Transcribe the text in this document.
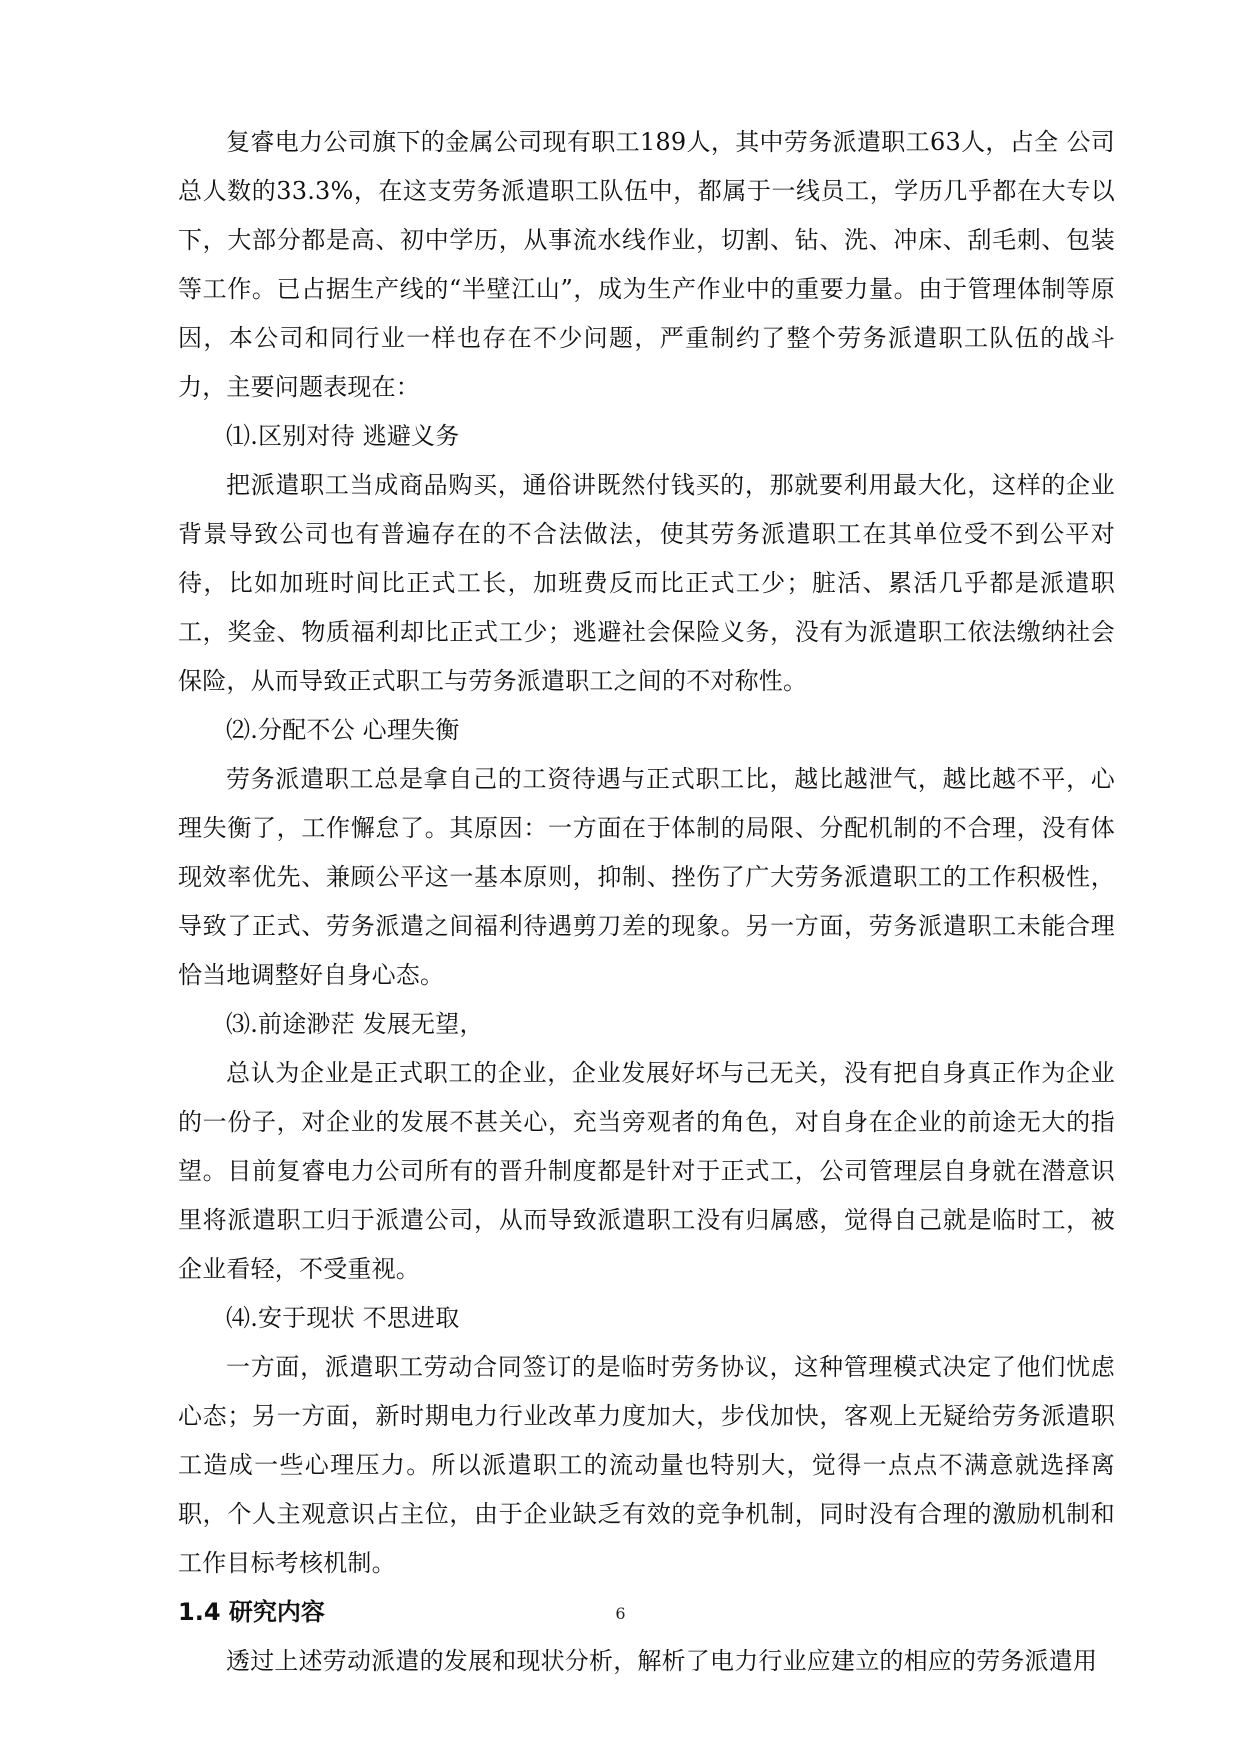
复睿电力公司旗下的金属公司现有职工189人，其中劳务派遣职工63人，占全 公司总人数的33.3%，在这支劳务派遣职工队伍中，都属于一线员工，学历几乎都在大专以下，大部分都是高、初中学历，从事流水线作业，切割、钻、洗、冲床、刮毛刺、包装等工作。已占据生产线的“半壁江山”，成为生产作业中的重要力量。由于管理体制等原因，本公司和同行业一样也存在不少问题，严重制约了整个劳务派遣职工队伍的战斗力，主要问题表现在：

⑴.区别对待 逃避义务

把派遣职工当成商品购买，通俗讲既然付钱买的，那就要利用最大化，这样的企业背景导致公司也有普遍存在的不合法做法，使其劳务派遣职工在其单位受不到公平对待，比如加班时间比正式工长，加班费反而比正式工少；脏活、累活几乎都是派遣职工，奖金、物质福利却比正式工少；逃避社会保险义务，没有为派遣职工依法缴纳社会保险，从而导致正式职工与劳务派遣职工之间的不对称性。

⑵.分配不公 心理失衡

劳务派遣职工总是拿自己的工资待遇与正式职工比，越比越泄气，越比越不平，心理失衡了，工作懈怠了。其原因：一方面在于体制的局限、分配机制的不合理，没有体现效率优先、兼顾公平这一基本原则，抑制、挫伤了广大劳务派遣职工的工作积极性，导致了正式、劳务派遣之间福利待遇剪刀差的现象。另一方面，劳务派遣职工未能合理恰当地调整好自身心态。

⑶.前途渺茫 发展无望，

总认为企业是正式职工的企业，企业发展好坏与己无关，没有把自身真正作为企业的一份子，对企业的发展不甚关心，充当旁观者的角色，对自身在企业的前途无大的指望。目前复睿电力公司所有的晋升制度都是针对于正式工，公司管理层自身就在潜意识里将派遣职工归于派遣公司，从而导致派遣职工没有归属感，觉得自己就是临时工，被企业看轻，不受重视。

⑷.安于现状 不思进取

一方面，派遣职工劳动合同签订的是临时劳务协议，这种管理模式决定了他们忧虑心态；另一方面，新时期电力行业改革力度加大，步伐加快，客观上无疑给劳务派遣职工造成一些心理压力。所以派遣职工的流动量也特别大，觉得一点点不满意就选择离职，个人主观意识占主位，由于企业缺乏有效的竞争机制，同时没有合理的激励机制和工作目标考核机制。

1.4 研究内容

透过上述劳动派遣的发展和现状分析，解析了电力行业应建立的相应的劳务派遣用

6
